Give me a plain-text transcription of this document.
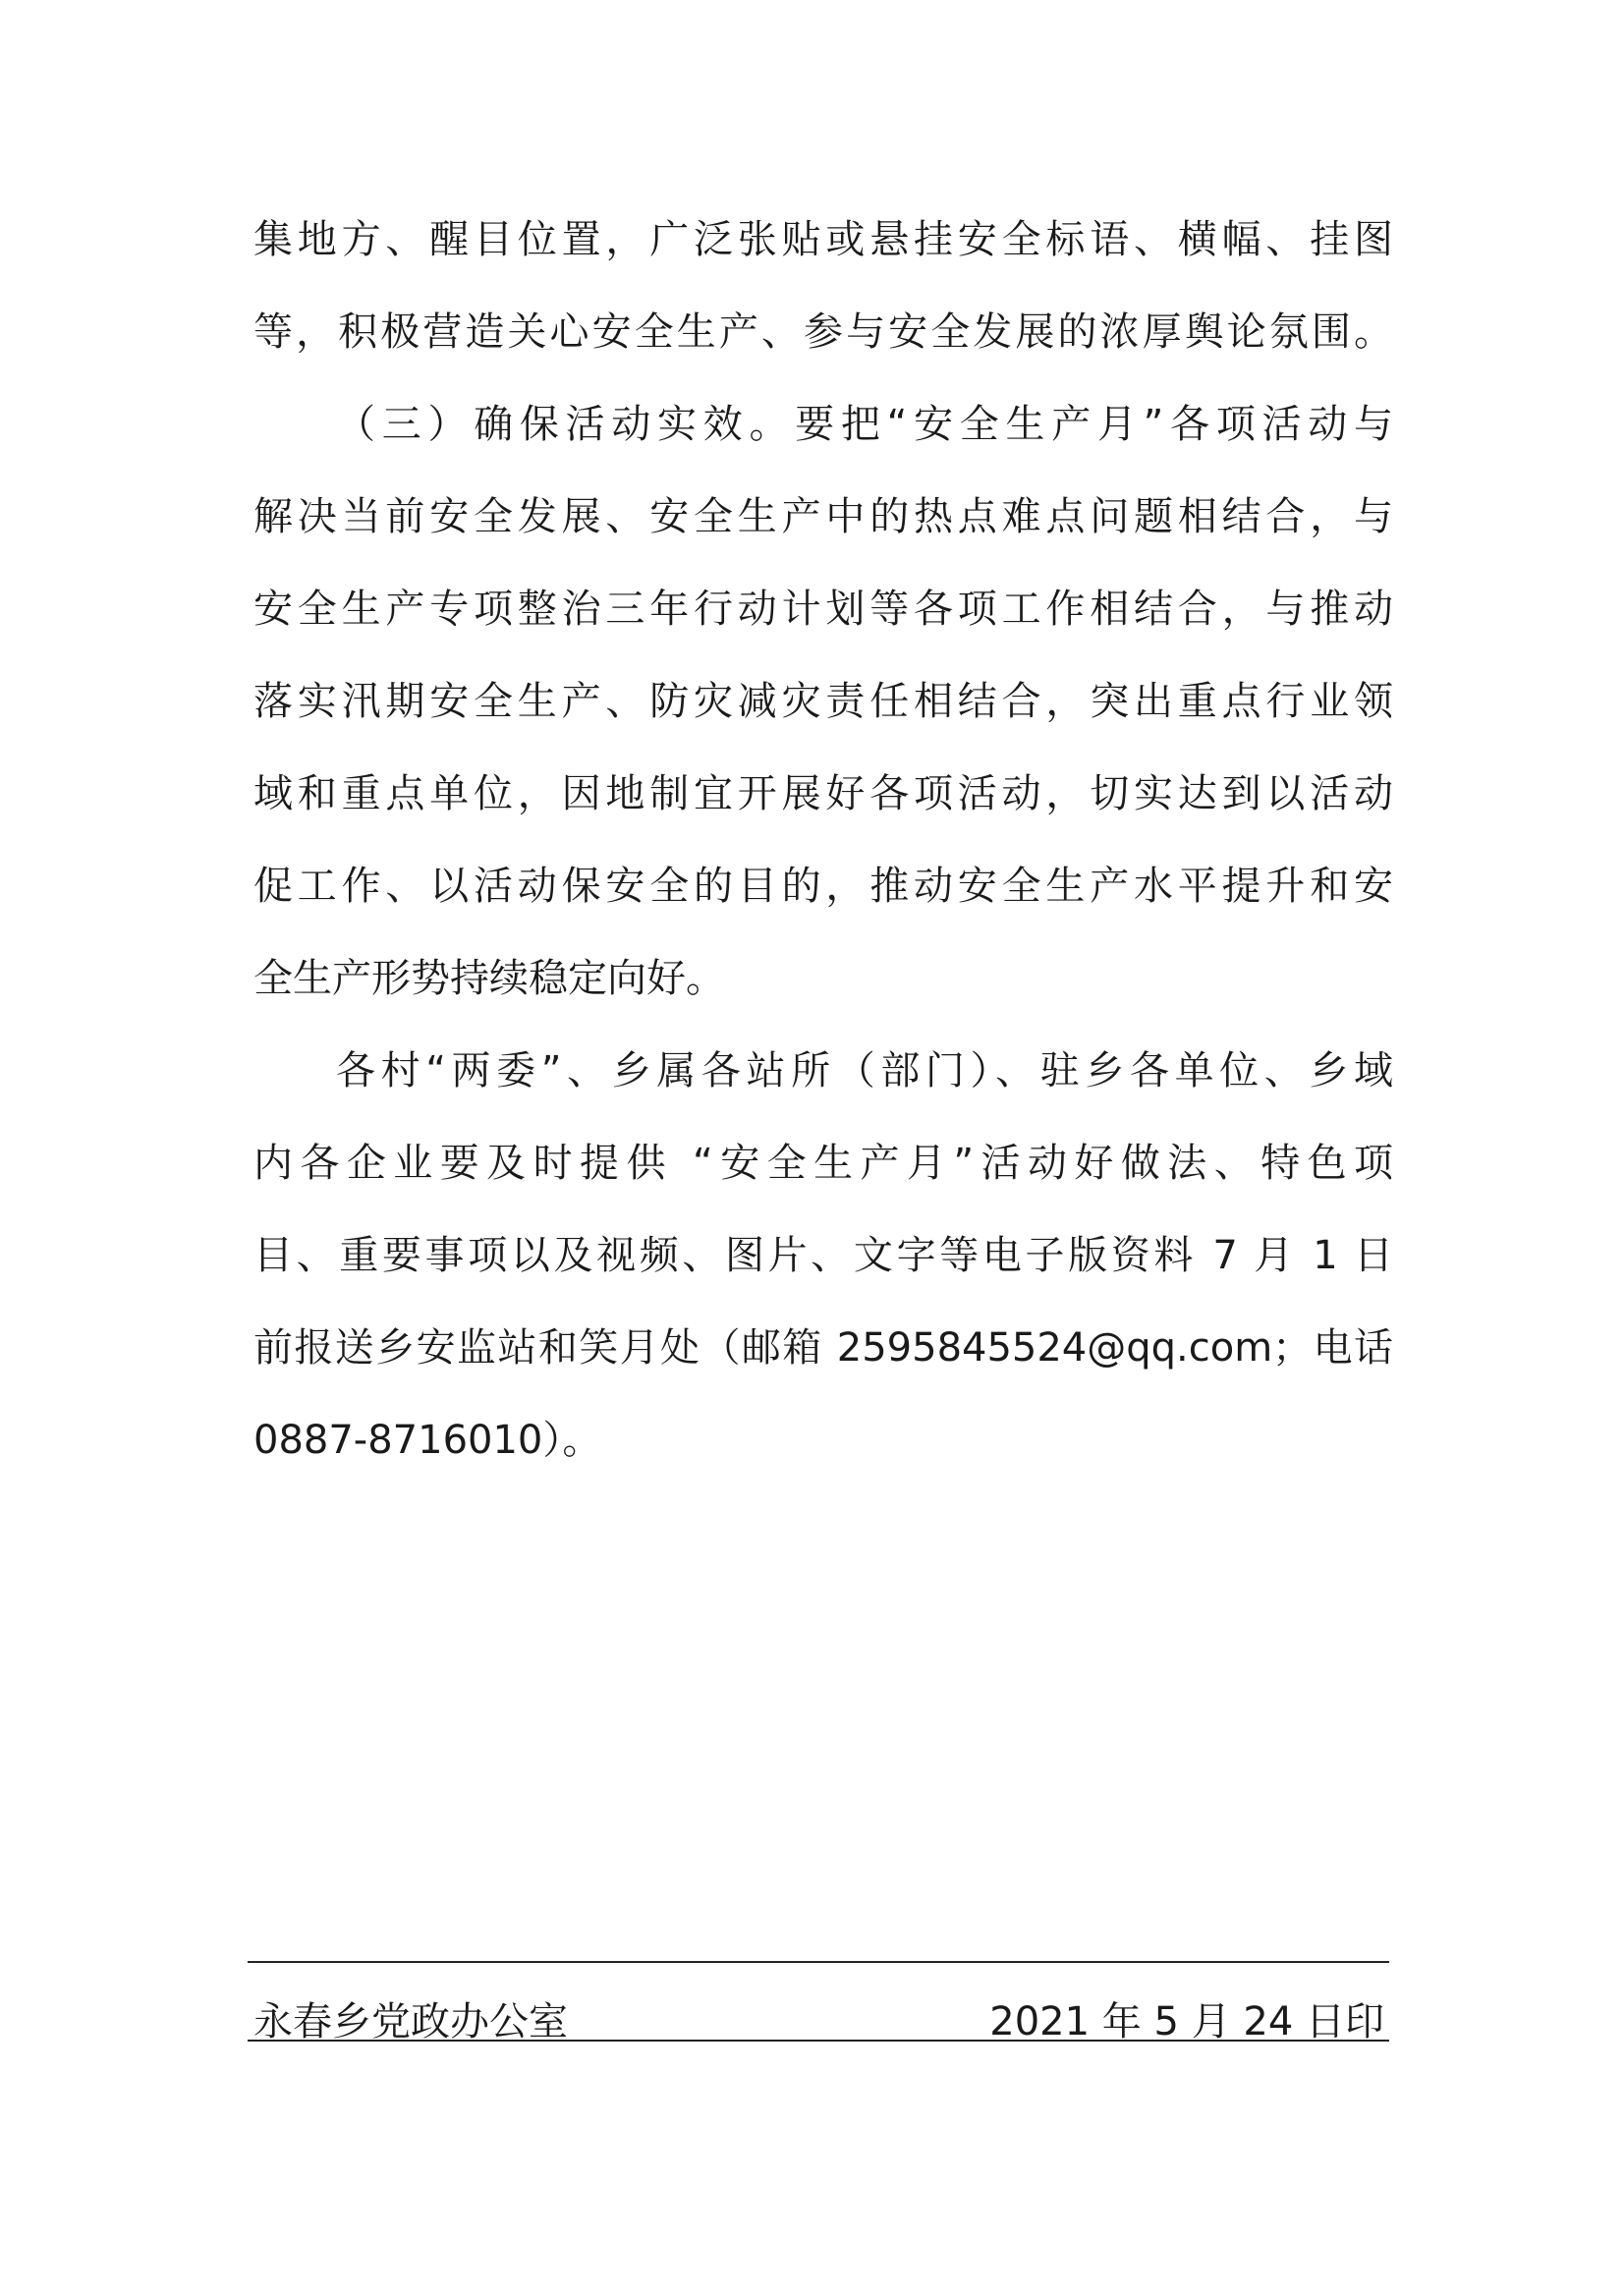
集地方、醒目位置，广泛张贴或悬挂安全标语、横幅、挂图
等，积极营造关心安全生产、参与安全发展的浓厚舆论氛围。
（三）确保活动实效。要把“安全生产月”各项活动与
解决当前安全发展、安全生产中的热点难点问题相结合，与
安全生产专项整治三年行动计划等各项工作相结合，与推动
落实汛期安全生产、防灾减灾责任相结合，突出重点行业领
域和重点单位，因地制宜开展好各项活动，切实达到以活动
促工作、以活动保安全的目的，推动安全生产水平提升和安
全生产形势持续稳定向好。
各村“两委”、乡属各站所（部门）、驻乡各单位、乡域
内各企业要及时提供 “安全生产月”活动好做法、特色项
目、重要事项以及视频、图片、文字等电子版资料 7 月 1 日
前报送乡安监站和笑月处（邮箱 2595845524@qq.com；电话
0887-8716010）。
永春乡党政办公室	2021 年 5 月 24 日印
